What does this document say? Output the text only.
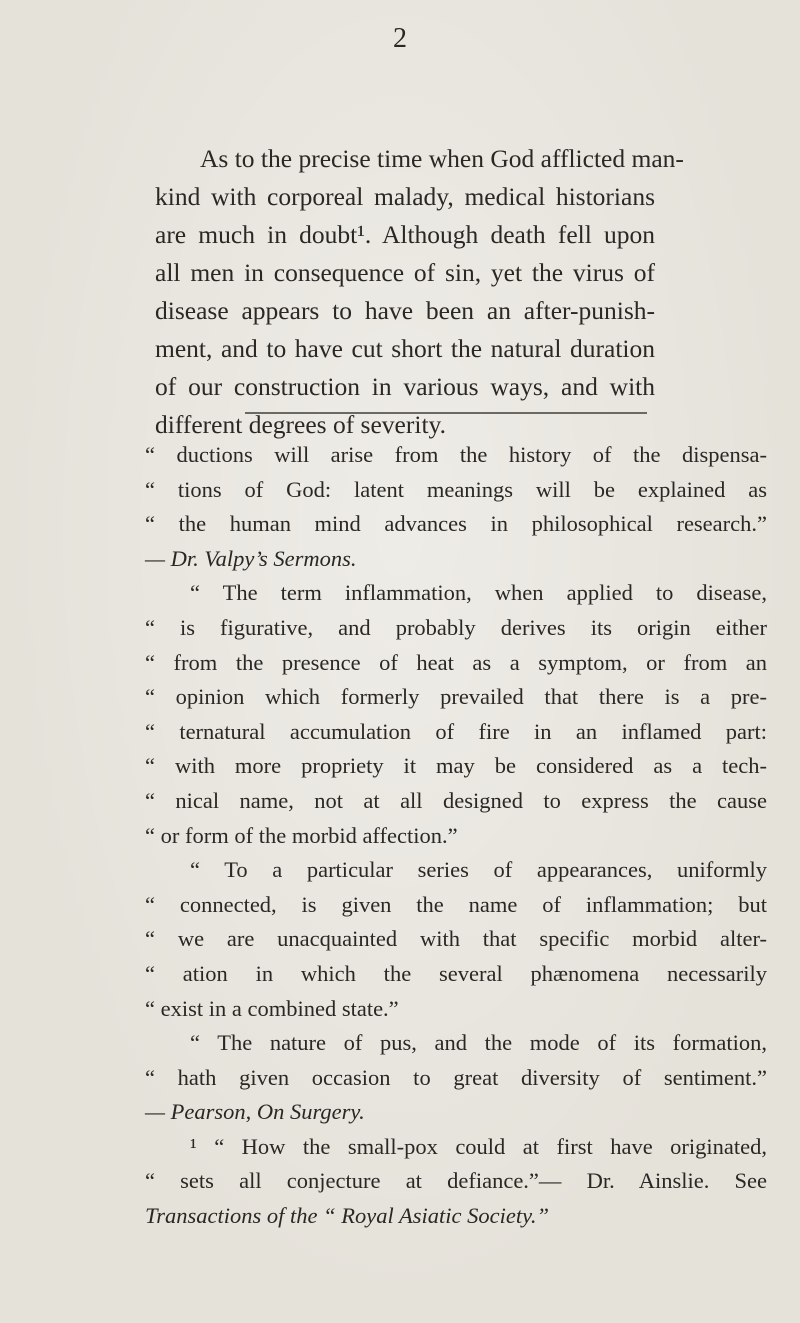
2
As to the precise time when God afflicted man-
kind with corporeal malady, medical historians
are much in doubt¹. Although death fell upon
all men in consequence of sin, yet the virus of
disease appears to have been an after-punish-
ment, and to have cut short the natural duration
of our construction in various ways, and with
different degrees of severity.
“ ductions will arise from the history of the dispensa-
“ tions of God: latent meanings will be explained as
“ the human mind advances in philosophical research.”
— Dr. Valpy’s Sermons.
“ The term inflammation, when applied to disease,
“ is figurative, and probably derives its origin either
“ from the presence of heat as a symptom, or from an
“ opinion which formerly prevailed that there is a pre-
“ ternatural accumulation of fire in an inflamed part:
“ with more propriety it may be considered as a tech-
“ nical name, not at all designed to express the cause
“ or form of the morbid affection.”
“ To a particular series of appearances, uniformly
“ connected, is given the name of inflammation; but
“ we are unacquainted with that specific morbid alter-
“ ation in which the several phænomena necessarily
“ exist in a combined state.”
“ The nature of pus, and the mode of its formation,
“ hath given occasion to great diversity of sentiment.”
— Pearson, On Surgery.
¹ “ How the small-pox could at first have originated,
“ sets all conjecture at defiance.”— Dr. Ainslie. See
Transactions of the “ Royal Asiatic Society.”
